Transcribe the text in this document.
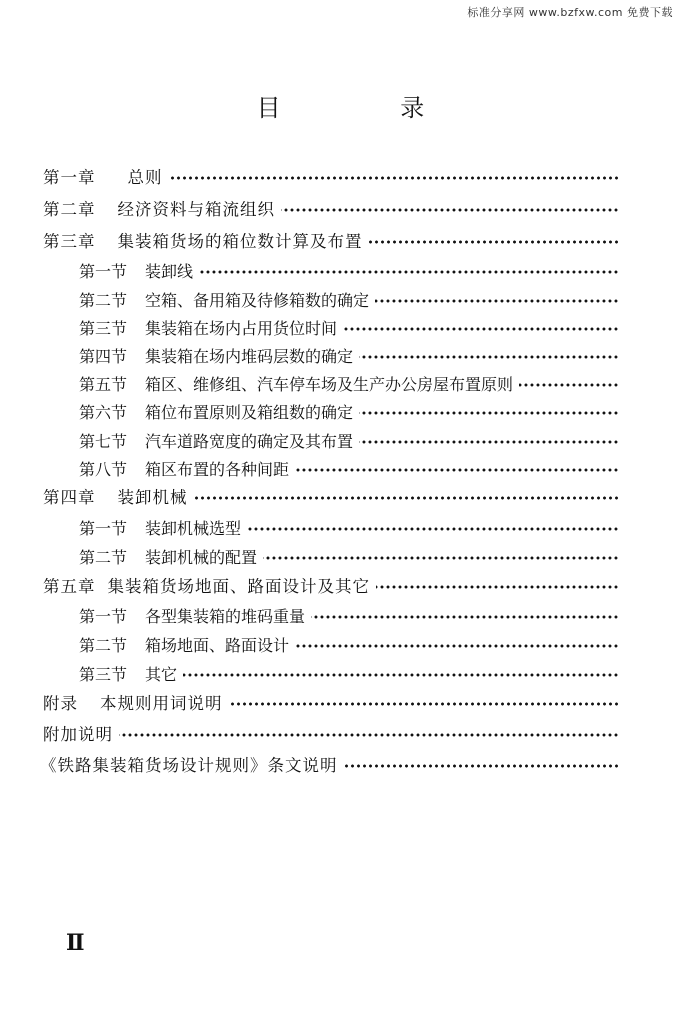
标准分享网 www.bzfxw.com 免费下载
目 录
第一章 总则
第二章 经济资料与箱流组织
第三章 集装箱货场的箱位数计算及布置
第一节 装卸线
第二节 空箱、备用箱及待修箱数的确定
第三节 集装箱在场内占用货位时间
第四节 集装箱在场内堆码层数的确定
第五节 箱区、维修组、汽车停车场及生产办公房屋布置原则
第六节 箱位布置原则及箱组数的确定
第七节 汽车道路宽度的确定及其布置
第八节 箱区布置的各种间距
第四章 装卸机械
第一节 装卸机械选型
第二节 装卸机械的配置
第五章 集装箱货场地面、路面设计及其它
第一节 各型集装箱的堆码重量
第二节 箱场地面、路面设计
第三节 其它
附录 本规则用词说明
附加说明
《铁路集装箱货场设计规则》条文说明
Ⅱ
